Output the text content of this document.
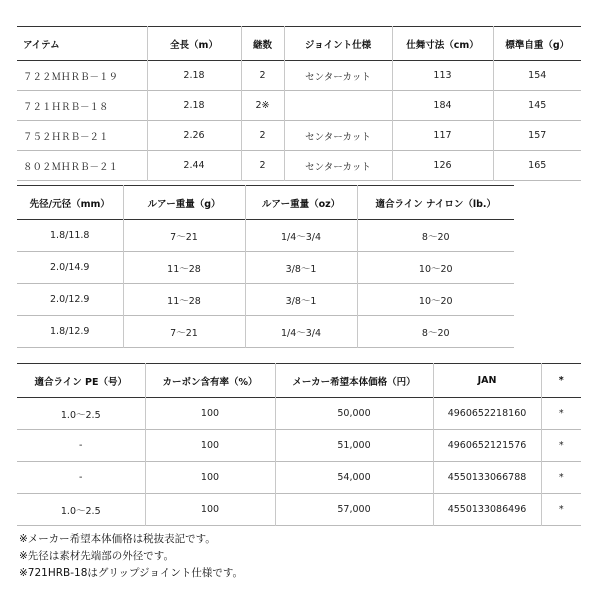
アイテム	全長（m）	継数	ジョイント仕様	仕舞寸法（cm）	標準自重（g）
７２２ＭＨＲＢ－１９	2.18	2	センターカット	113	154
７２１ＨＲＢ－１８	2.18	2※		184	145
７５２ＨＲＢ－２１	2.26	2	センターカット	117	157
８０２ＭＨＲＢ－２１	2.44	2	センターカット	126	165
先径/元径（mm）	ルアー重量（g）	ルアー重量（oz）	適合ライン ナイロン（lb.）
1.8/11.8	7～21	1/4～3/4	8～20
2.0/14.9	11～28	3/8～1	10～20
2.0/12.9	11～28	3/8～1	10～20
1.8/12.9	7～21	1/4～3/4	8～20
適合ライン PE（号）	カーボン含有率（%）	メーカー希望本体価格（円）	JAN	*
1.0～2.5	100	50,000	4960652218160	*
-	100	51,000	4960652121576	*
-	100	54,000	4550133066788	*
1.0～2.5	100	57,000	4550133086496	*
※メーカー希望本体価格は税抜表記です。
※先径は素材先端部の外径です。
※721HRB-18はグリップジョイント仕様です。
